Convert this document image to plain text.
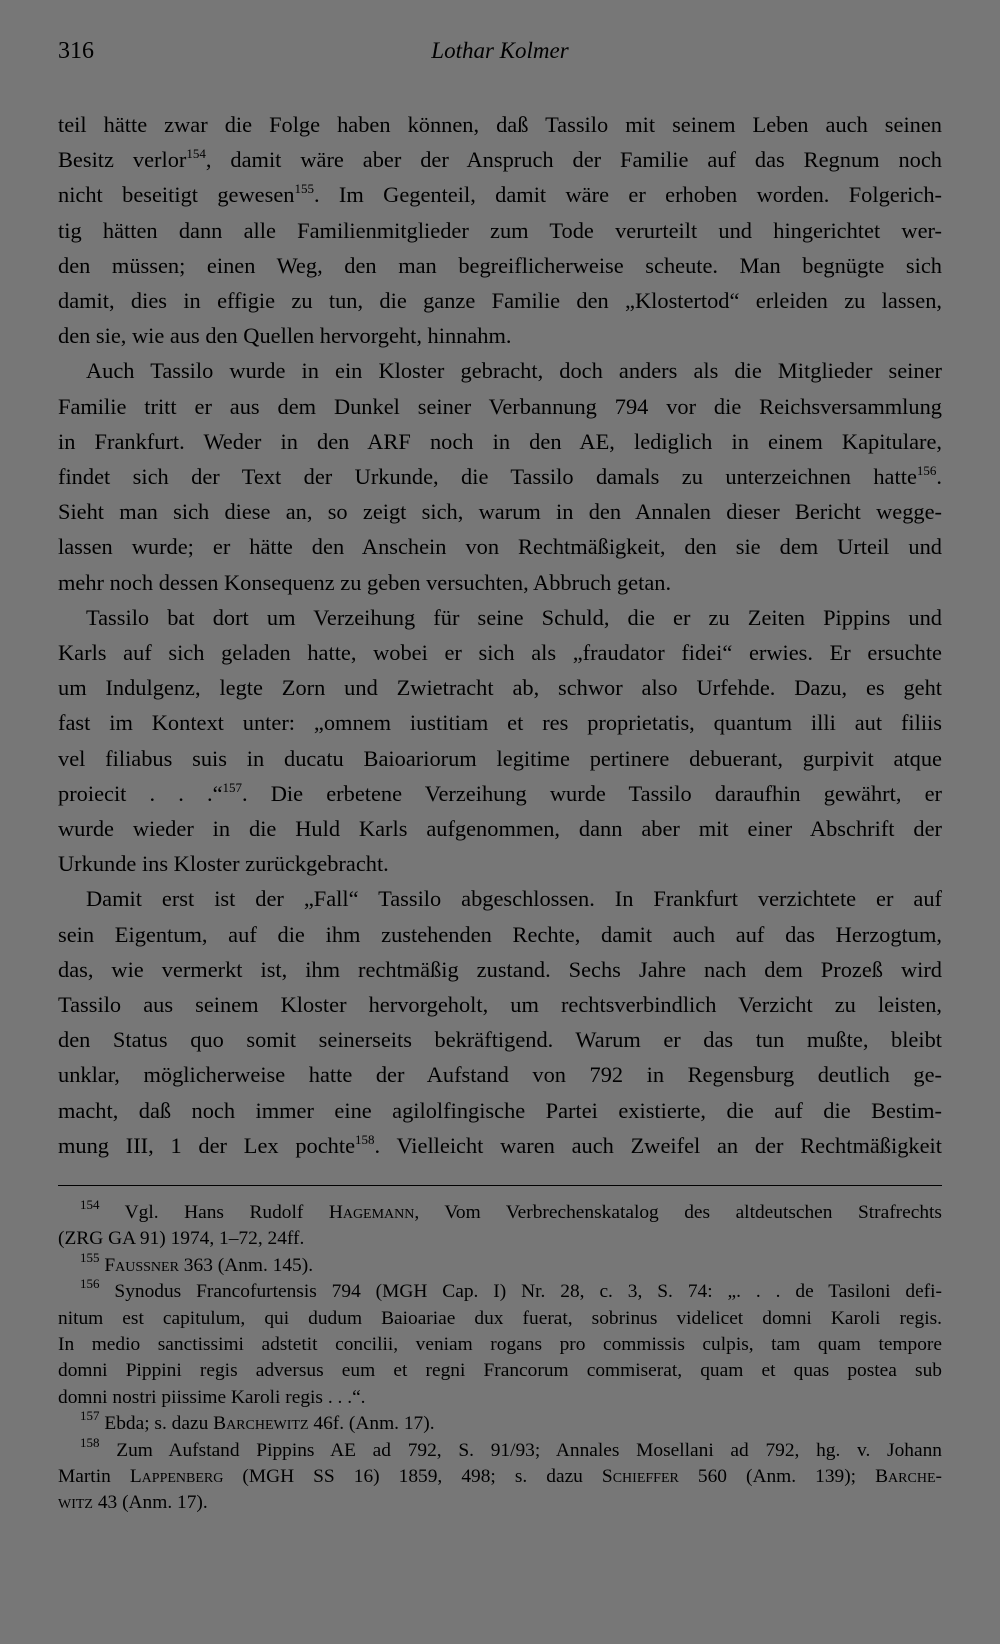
316	Lothar Kolmer
teil hätte zwar die Folge haben können, daß Tassilo mit seinem Leben auch seinen
Besitz verlor$^{154}$, damit wäre aber der Anspruch der Familie auf das Regnum noch
nicht beseitigt gewesen$^{155}$. Im Gegenteil, damit wäre er erhoben worden. Folgerich-
tig hätten dann alle Familienmitglieder zum Tode verurteilt und hingerichtet wer-
den müssen; einen Weg, den man begreiflicherweise scheute. Man begnügte sich
damit, dies in effigie zu tun, die ganze Familie den „Klostertod“ erleiden zu lassen,
den sie, wie aus den Quellen hervorgeht, hinnahm.
Auch Tassilo wurde in ein Kloster gebracht, doch anders als die Mitglieder seiner
Familie tritt er aus dem Dunkel seiner Verbannung 794 vor die Reichsversammlung
in Frankfurt. Weder in den ARF noch in den AE, lediglich in einem Kapitulare,
findet sich der Text der Urkunde, die Tassilo damals zu unterzeichnen hatte$^{156}$.
Sieht man sich diese an, so zeigt sich, warum in den Annalen dieser Bericht wegge-
lassen wurde; er hätte den Anschein von Rechtmäßigkeit, den sie dem Urteil und
mehr noch dessen Konsequenz zu geben versuchten, Abbruch getan.
Tassilo bat dort um Verzeihung für seine Schuld, die er zu Zeiten Pippins und
Karls auf sich geladen hatte, wobei er sich als „fraudator fidei“ erwies. Er ersuchte
um Indulgenz, legte Zorn und Zwietracht ab, schwor also Urfehde. Dazu, es geht
fast im Kontext unter: „omnem iustitiam et res proprietatis, quantum illi aut filiis
vel filiabus suis in ducatu Baioariorum legitime pertinere debuerant, gurpivit atque
proiecit . . .“$^{157}$. Die erbetene Verzeihung wurde Tassilo daraufhin gewährt, er
wurde wieder in die Huld Karls aufgenommen, dann aber mit einer Abschrift der
Urkunde ins Kloster zurückgebracht.
Damit erst ist der „Fall“ Tassilo abgeschlossen. In Frankfurt verzichtete er auf
sein Eigentum, auf die ihm zustehenden Rechte, damit auch auf das Herzogtum,
das, wie vermerkt ist, ihm rechtmäßig zustand. Sechs Jahre nach dem Prozeß wird
Tassilo aus seinem Kloster hervorgeholt, um rechtsverbindlich Verzicht zu leisten,
den Status quo somit seinerseits bekräftigend. Warum er das tun mußte, bleibt
unklar, möglicherweise hatte der Aufstand von 792 in Regensburg deutlich ge-
macht, daß noch immer eine agilolfingische Partei existierte, die auf die Bestim-
mung III, 1 der Lex pochte$^{158}$. Vielleicht waren auch Zweifel an der Rechtmäßigkeit
$^{154}$ Vgl. Hans Rudolf Hagemann, Vom Verbrechenskatalog des altdeutschen Strafrechts
(ZRG GA 91) 1974, 1–72, 24ff.
$^{155}$ Faussner 363 (Anm. 145).
$^{156}$ Synodus Francofurtensis 794 (MGH Cap. I) Nr. 28, c. 3, S. 74: „. . . de Tasiloni defi-
nitum est capitulum, qui dudum Baioariae dux fuerat, sobrinus videlicet domni Karoli regis.
In medio sanctissimi adstetit concilii, veniam rogans pro commissis culpis, tam quam tempore
domni Pippini regis adversus eum et regni Francorum commiserat, quam et quas postea sub
domni nostri piissime Karoli regis . . .“.
$^{157}$ Ebda; s. dazu Barchewitz 46f. (Anm. 17).
$^{158}$ Zum Aufstand Pippins AE ad 792, S. 91/93; Annales Mosellani ad 792, hg. v. Johann
Martin Lappenberg (MGH SS 16) 1859, 498; s. dazu Schieffer 560 (Anm. 139); Barche-
witz 43 (Anm. 17).
